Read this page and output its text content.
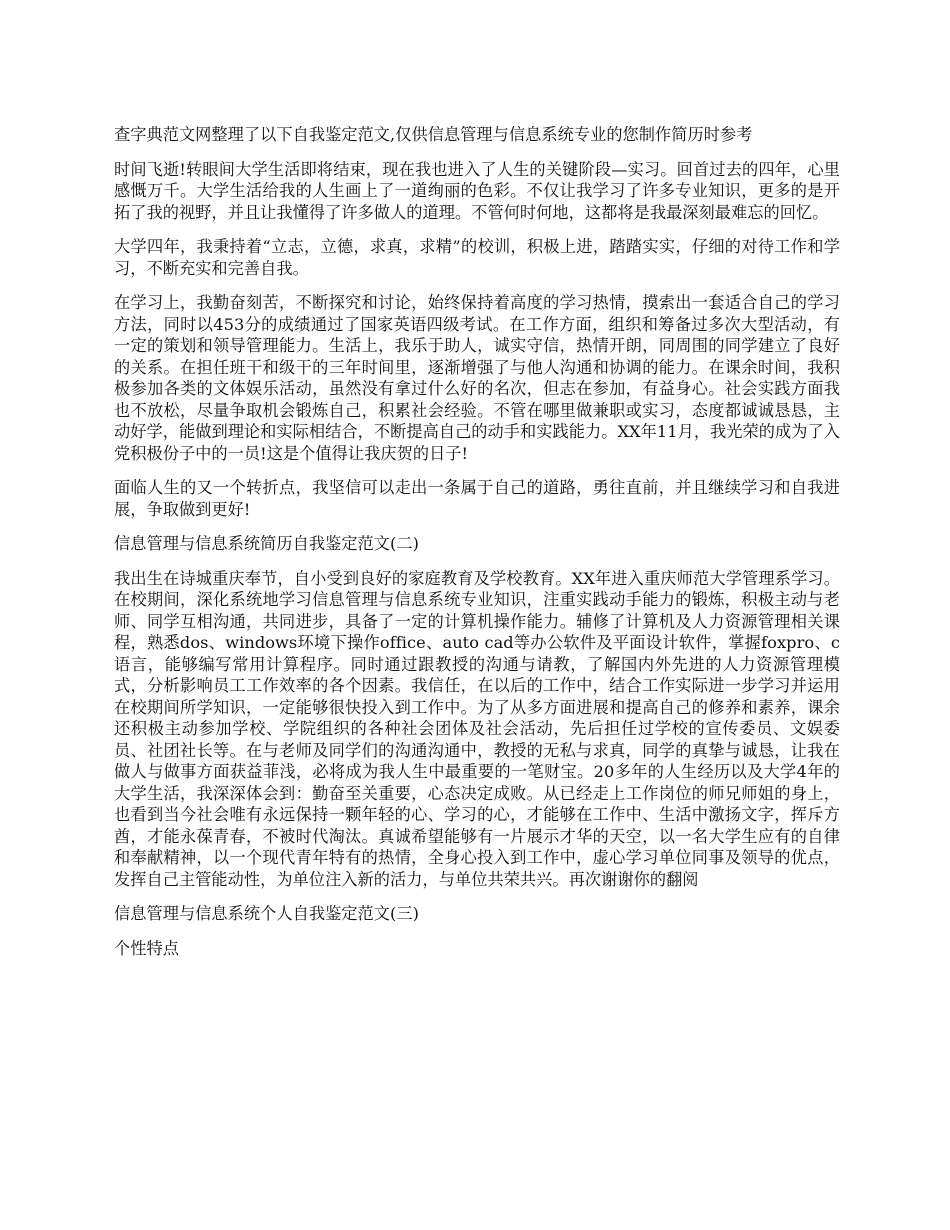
查字典范文网整理了以下自我鉴定范文,仅供信息管理与信息系统专业的您制作简历时参考

时间飞逝!转眼间大学生活即将结束，现在我也进入了人生的关键阶段—实习。回首过去的四年，心里感慨万千。大学生活给我的人生画上了一道绚丽的色彩。不仅让我学习了许多专业知识，更多的是开拓了我的视野，并且让我懂得了许多做人的道理。不管何时何地，这都将是我最深刻最难忘的回忆。

大学四年，我秉持着“立志，立德，求真，求精”的校训，积极上进，踏踏实实，仔细的对待工作和学习，不断充实和完善自我。

在学习上，我勤奋刻苦，不断探究和讨论，始终保持着高度的学习热情，摸索出一套适合自己的学习方法，同时以453分的成绩通过了国家英语四级考试。在工作方面，组织和筹备过多次大型活动，有一定的策划和领导管理能力。生活上，我乐于助人，诚实守信，热情开朗，同周围的同学建立了良好的关系。在担任班干和级干的三年时间里，逐渐增强了与他人沟通和协调的能力。在课余时间，我积极参加各类的文体娱乐活动，虽然没有拿过什么好的名次，但志在参加，有益身心。社会实践方面我也不放松，尽量争取机会锻炼自己，积累社会经验。不管在哪里做兼职或实习，态度都诚诚恳恳，主动好学，能做到理论和实际相结合，不断提高自己的动手和实践能力。XX年11月，我光荣的成为了入党积极份子中的一员!这是个值得让我庆贺的日子!

面临人生的又一个转折点，我坚信可以走出一条属于自己的道路，勇往直前，并且继续学习和自我进展，争取做到更好!

信息管理与信息系统简历自我鉴定范文(二)

我出生在诗城重庆奉节，自小受到良好的家庭教育及学校教育。XX年进入重庆师范大学管理系学习。在校期间，深化系统地学习信息管理与信息系统专业知识，注重实践动手能力的锻炼，积极主动与老师、同学互相沟通，共同进步，具备了一定的计算机操作能力。辅修了计算机及人力资源管理相关课程，熟悉dos、windows环境下操作office、auto cad等办公软件及平面设计软件，掌握foxpro、c语言，能够编写常用计算程序。同时通过跟教授的沟通与请教，了解国内外先进的人力资源管理模式，分析影响员工工作效率的各个因素。我信任，在以后的工作中，结合工作实际进一步学习并运用在校期间所学知识，一定能够很快投入到工作中。为了从多方面进展和提高自己的修养和素养，课余还积极主动参加学校、学院组织的各种社会团体及社会活动，先后担任过学校的宣传委员、文娱委员、社团社长等。在与老师及同学们的沟通沟通中，教授的无私与求真，同学的真挚与诚恳，让我在做人与做事方面获益菲浅，必将成为我人生中最重要的一笔财宝。20多年的人生经历以及大学4年的大学生活，我深深体会到：勤奋至关重要，心态决定成败。从已经走上工作岗位的师兄师姐的身上，也看到当今社会唯有永远保持一颗年轻的心、学习的心，才能够在工作中、生活中激扬文字，挥斥方酋，才能永葆青春，不被时代淘汰。真诚希望能够有一片展示才华的天空，以一名大学生应有的自律和奉献精神，以一个现代青年特有的热情，全身心投入到工作中，虚心学习单位同事及领导的优点，发挥自己主管能动性，为单位注入新的活力，与单位共荣共兴。再次谢谢你的翻阅

信息管理与信息系统个人自我鉴定范文(三)

个性特点
